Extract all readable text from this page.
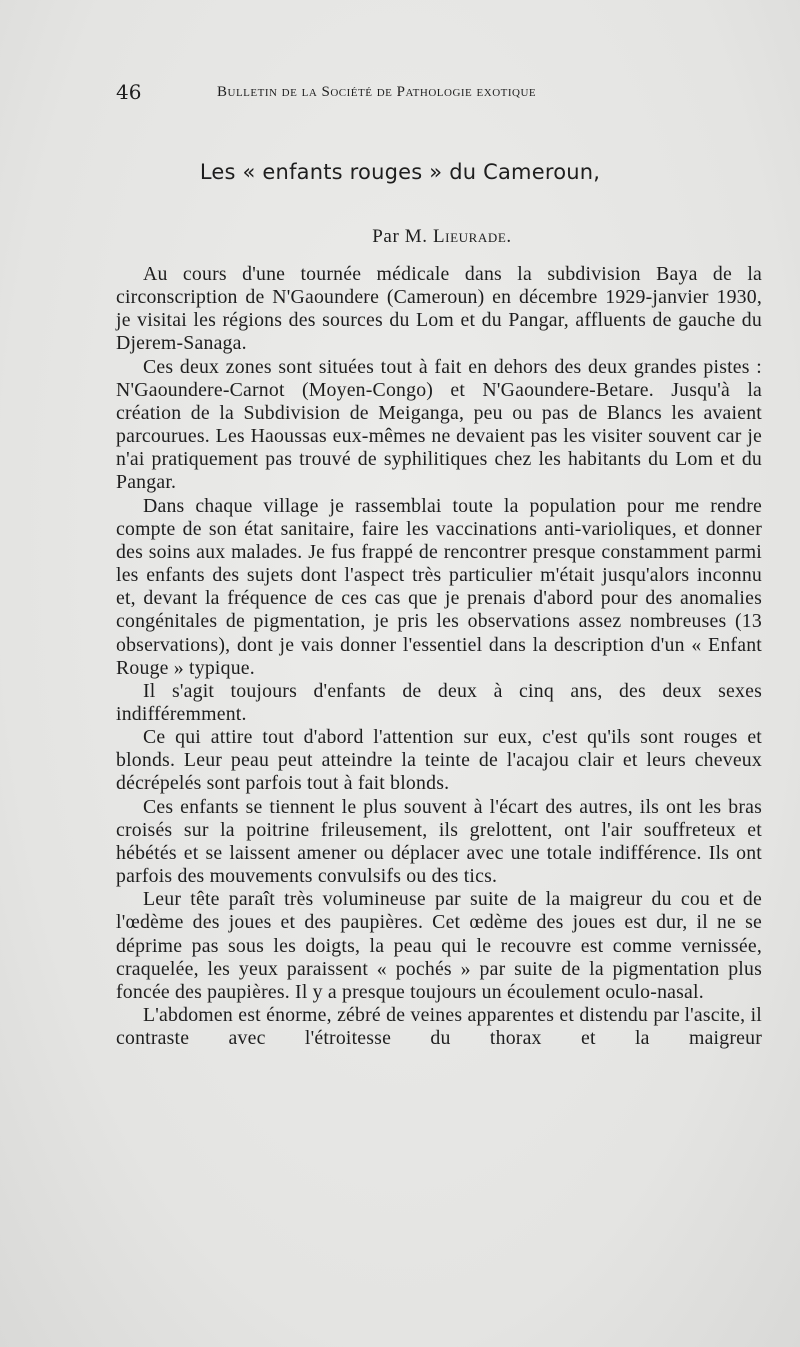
46	Bulletin de la Société de Pathologie exotique
Les « enfants rouges » du Cameroun,
Par M. Lieurade.

Au cours d'une tournée médicale dans la subdivision Baya de la circonscription de N'Gaoundere (Cameroun) en décembre 1929-janvier 1930, je visitai les régions des sources du Lom et du Pangar, affluents de gauche du Djerem-Sanaga.

Ces deux zones sont situées tout à fait en dehors des deux grandes pistes : N'Gaoundere-Carnot (Moyen-Congo) et N'Gaoundere-Betare. Jusqu'à la création de la Subdivision de Meiganga, peu ou pas de Blancs les avaient parcourues. Les Haoussas eux-mêmes ne devaient pas les visiter souvent car je n'ai pratiquement pas trouvé de syphilitiques chez les habitants du Lom et du Pangar.

Dans chaque village je rassemblai toute la population pour me rendre compte de son état sanitaire, faire les vaccinations anti-varioliques, et donner des soins aux malades. Je fus frappé de rencontrer presque constamment parmi les enfants des sujets dont l'aspect très particulier m'était jusqu'alors inconnu et, devant la fréquence de ces cas que je prenais d'abord pour des anomalies congénitales de pigmentation, je pris les observations assez nombreuses (13 observations), dont je vais donner l'essentiel dans la description d'un « Enfant Rouge » typique.

Il s'agit toujours d'enfants de deux à cinq ans, des deux sexes indifféremment.

Ce qui attire tout d'abord l'attention sur eux, c'est qu'ils sont rouges et blonds. Leur peau peut atteindre la teinte de l'acajou clair et leurs cheveux décrépelés sont parfois tout à fait blonds.

Ces enfants se tiennent le plus souvent à l'écart des autres, ils ont les bras croisés sur la poitrine frileusement, ils grelottent, ont l'air souffreteux et hébétés et se laissent amener ou déplacer avec une totale indifférence. Ils ont parfois des mouvements convulsifs ou des tics.

Leur tête paraît très volumineuse par suite de la maigreur du cou et de l'œdème des joues et des paupières. Cet œdème des joues est dur, il ne se déprime pas sous les doigts, la peau qui le recouvre est comme vernissée, craquelée, les yeux paraissent « pochés » par suite de la pigmentation plus foncée des paupières. Il y a presque toujours un écoulement oculo-nasal.

L'abdomen est énorme, zébré de veines apparentes et distendu par l'ascite, il contraste avec l'étroitesse du thorax et la maigreur
